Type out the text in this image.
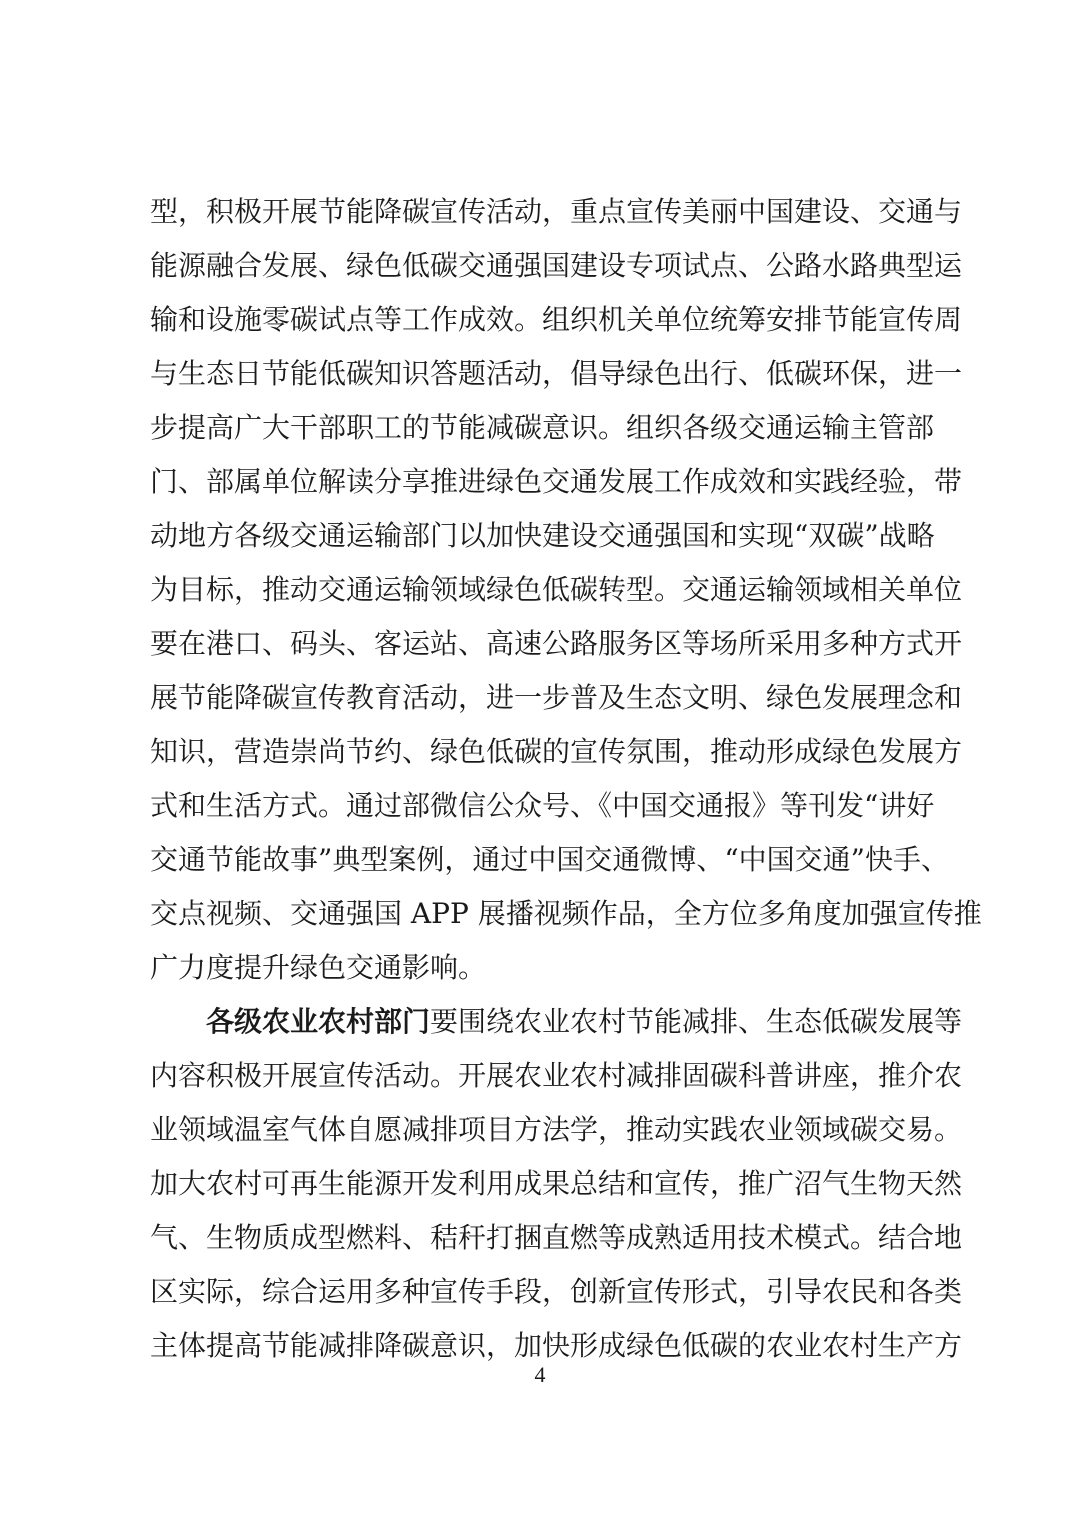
型，积极开展节能降碳宣传活动，重点宣传美丽中国建设、交通与
能源融合发展、绿色低碳交通强国建设专项试点、公路水路典型运
输和设施零碳试点等工作成效。组织机关单位统筹安排节能宣传周
与生态日节能低碳知识答题活动，倡导绿色出行、低碳环保，进一
步提高广大干部职工的节能减碳意识。组织各级交通运输主管部
门、部属单位解读分享推进绿色交通发展工作成效和实践经验，带
动地方各级交通运输部门以加快建设交通强国和实现“双碳”战略
为目标，推动交通运输领域绿色低碳转型。交通运输领域相关单位
要在港口、码头、客运站、高速公路服务区等场所采用多种方式开
展节能降碳宣传教育活动，进一步普及生态文明、绿色发展理念和
知识，营造崇尚节约、绿色低碳的宣传氛围，推动形成绿色发展方
式和生活方式。通过部微信公众号、《中国交通报》等刊发“讲好
交通节能故事”典型案例，通过中国交通微博、“中国交通”快手、
交点视频、交通强国 APP 展播视频作品，全方位多角度加强宣传推
广力度提升绿色交通影响。
各级农业农村部门要围绕农业农村节能减排、生态低碳发展等
内容积极开展宣传活动。开展农业农村减排固碳科普讲座，推介农
业领域温室气体自愿减排项目方法学，推动实践农业领域碳交易。
加大农村可再生能源开发利用成果总结和宣传，推广沼气生物天然
气、生物质成型燃料、秸秆打捆直燃等成熟适用技术模式。结合地
区实际，综合运用多种宣传手段，创新宣传形式，引导农民和各类
主体提高节能减排降碳意识，加快形成绿色低碳的农业农村生产方
4
